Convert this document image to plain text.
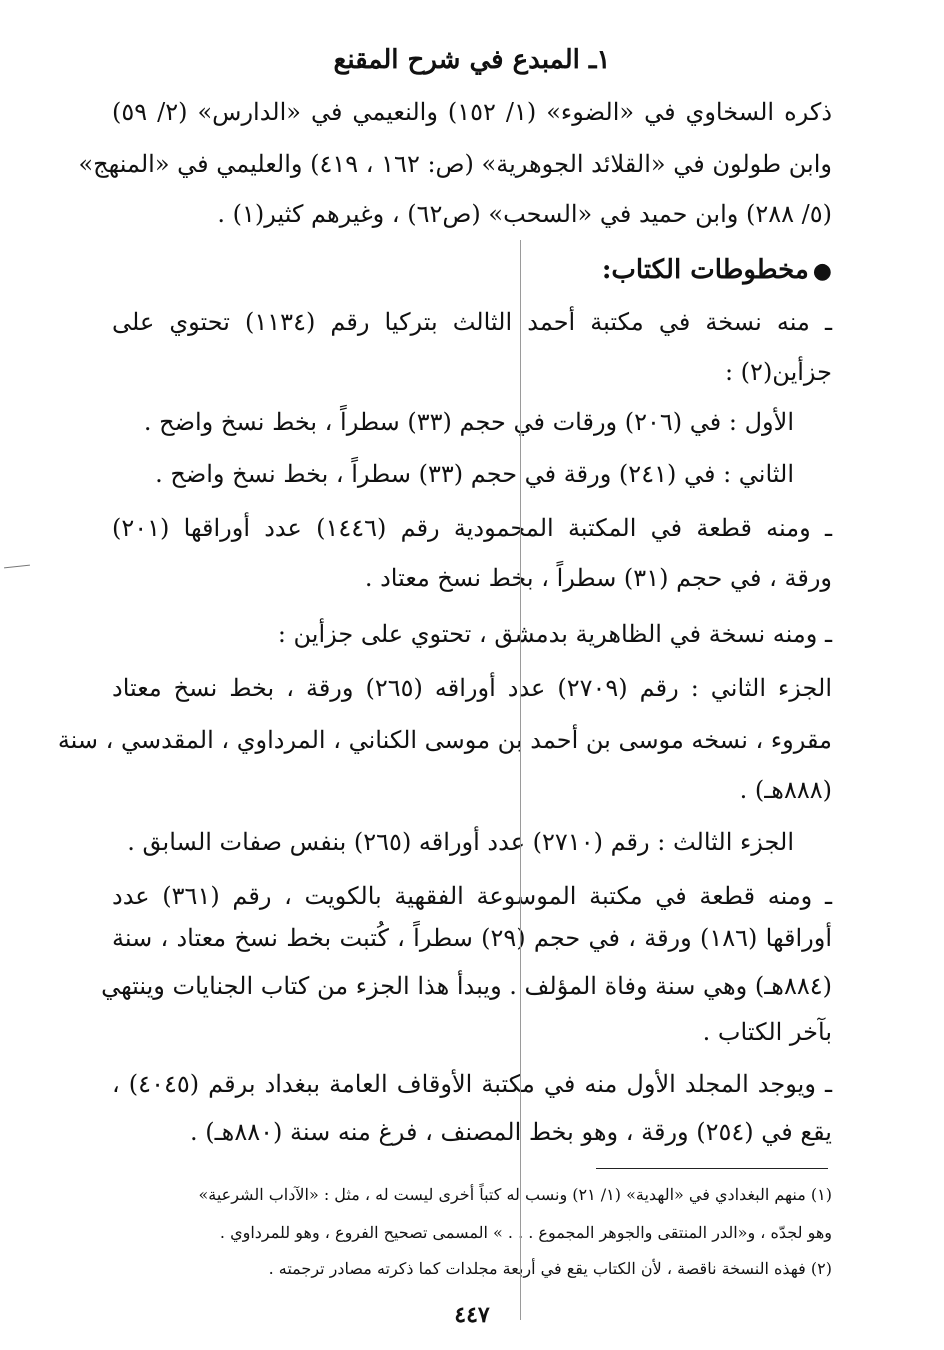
١ـ المبدع في شرح المقنع
ذكره السخاوي في «الضوء» (١/ ١٥٢) والنعيمي في «الدارس» (٢/ ٥٩)
وابن طولون في «القلائد الجوهرية» (ص: ١٦٢ ، ٤١٩) والعليمي في «المنهج»
(٥/ ٢٨٨) وابن حميد في «السحب» (ص٦٢) ، وغيرهم كثير(١) .
●مخطوطات الكتاب:
ـ منه نسخة في مكتبة أحمد الثالث بتركيا رقم (١١٣٤) تحتوي على
جزأين(٢) :
الأول : في (٢٠٦) ورقات في حجم (٣٣) سطراً ، بخط نسخ واضح .
الثاني : في (٢٤١) ورقة في حجم (٣٣) سطراً ، بخط نسخ واضح .
ـ ومنه قطعة في المكتبة المحمودية رقم (١٤٤٦) عدد أوراقها (٢٠١)
ورقة ، في حجم (٣١) سطراً ، بخط نسخ معتاد .
ـ ومنه نسخة في الظاهرية بدمشق ، تحتوي على جزأين :
الجزء الثاني : رقم (٢٧٠٩) عدد أوراقه (٢٦٥) ورقة ، بخط نسخ معتاد
مقروء ، نسخه موسى بن أحمد بن موسى الكناني ، المرداوي ، المقدسي ، سنة
(٨٨٨هـ) .
الجزء الثالث : رقم (٢٧١٠) عدد أوراقه (٢٦٥) بنفس صفات السابق .
ـ ومنه قطعة في مكتبة الموسوعة الفقهية بالكويت ، رقم (٣٦١) عدد
أوراقها (١٨٦) ورقة ، في حجم (٢٩) سطراً ، كُتبت بخط نسخ معتاد ، سنة
(٨٨٤هـ) وهي سنة وفاة المؤلف . ويبدأ هذا الجزء من كتاب الجنايات وينتهي
بآخر الكتاب .
ـ ويوجد المجلد الأول منه في مكتبة الأوقاف العامة ببغداد برقم (٤٠٤٥) ،
يقع في (٢٥٤) ورقة ، وهو بخط المصنف ، فرغ منه سنة (٨٨٠هـ) .
(١) منهم البغدادي في «الهدية» (١/ ٢١) ونسب له كتباً أخرى ليست له ، مثل : «الآداب الشرعية»
وهو لجدّه ، و«الدر المنتقى والجوهر المجموع . . . » المسمى تصحيح الفروع ، وهو للمرداوي .
(٢) فهذه النسخة ناقصة ، لأن الكتاب يقع في أربعة مجلدات كما ذكرته مصادر ترجمته .
٤٤٧
